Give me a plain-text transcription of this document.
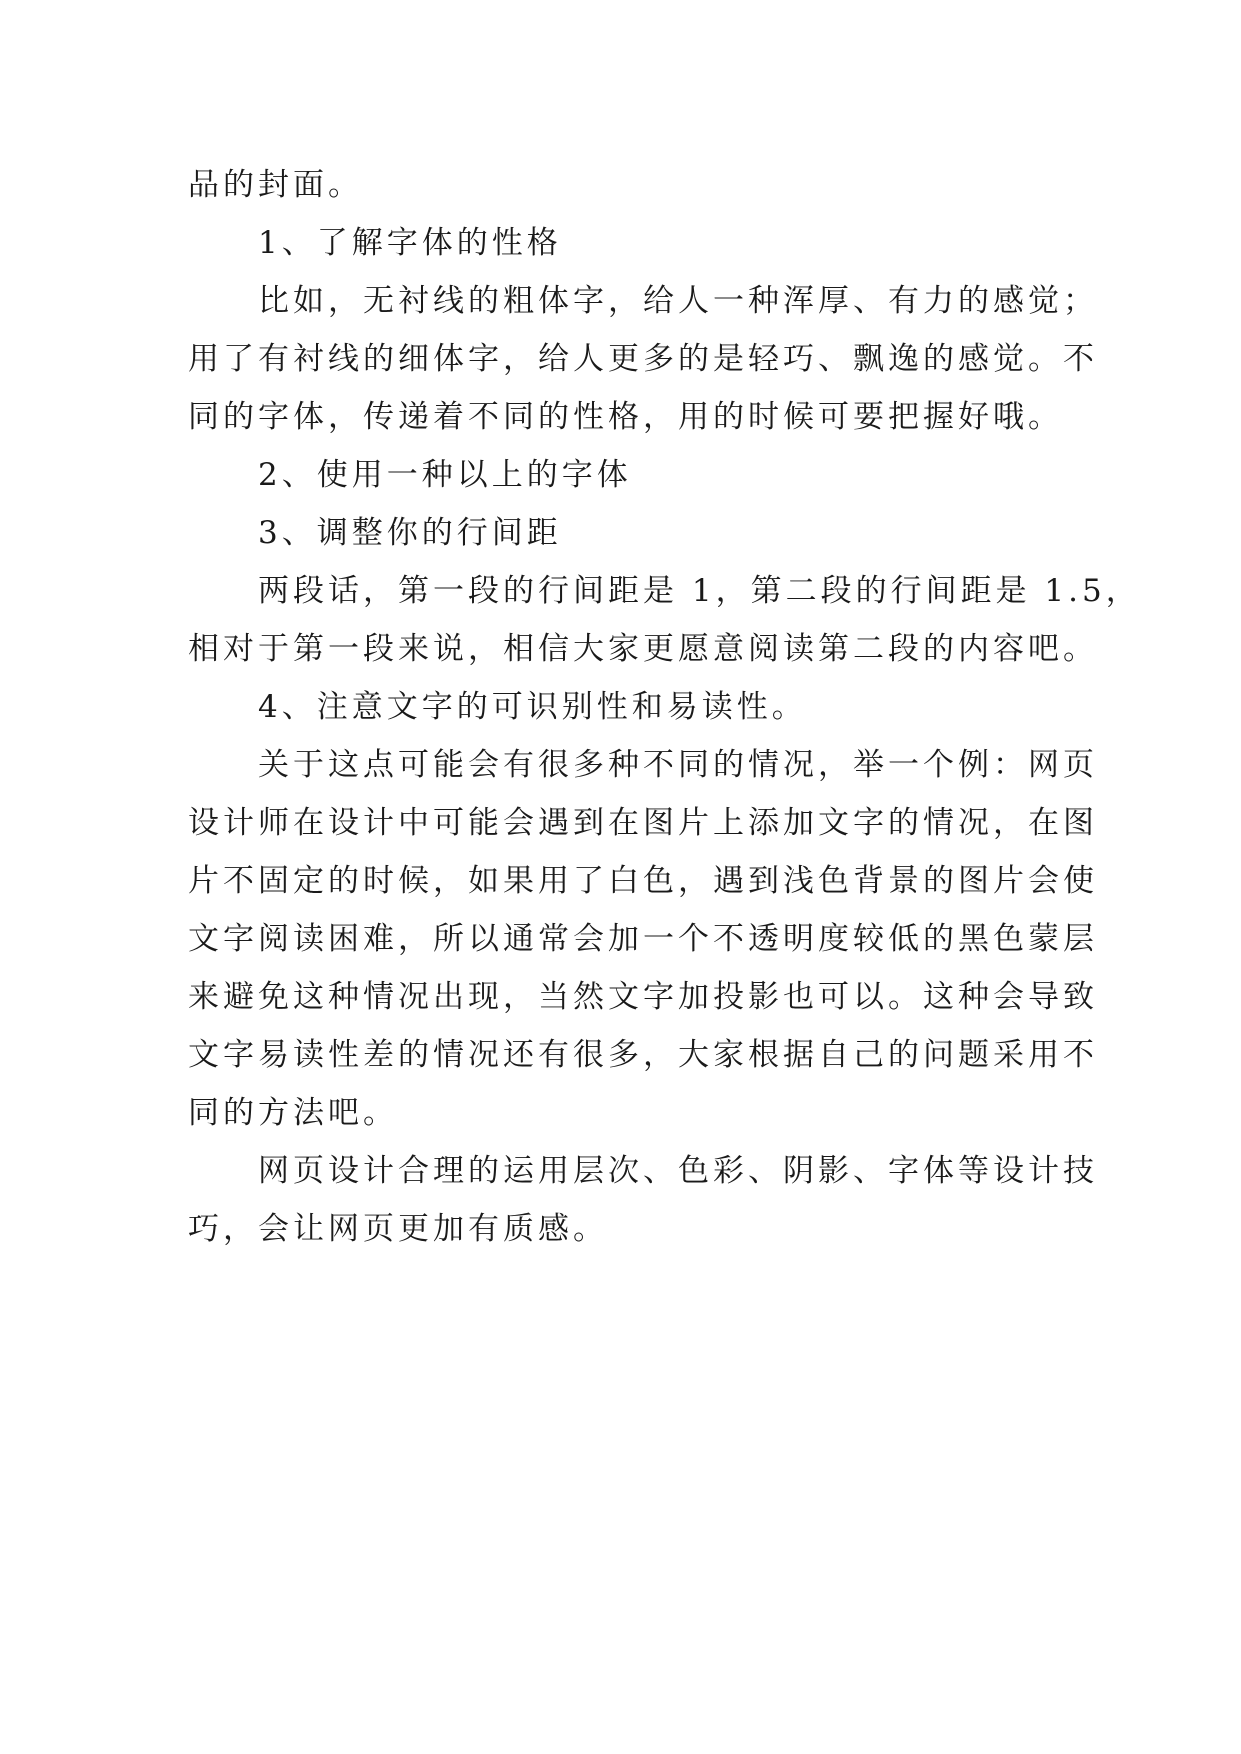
品的封面。
1、了解字体的性格
比如，无衬线的粗体字，给人一种浑厚、有力的感觉；
用了有衬线的细体字，给人更多的是轻巧、飘逸的感觉。不
同的字体，传递着不同的性格，用的时候可要把握好哦。
2、使用一种以上的字体
3、调整你的行间距
两段话，第一段的行间距是 1，第二段的行间距是 1.5，
相对于第一段来说，相信大家更愿意阅读第二段的内容吧。
4、注意文字的可识别性和易读性。
关于这点可能会有很多种不同的情况，举一个例：网页
设计师在设计中可能会遇到在图片上添加文字的情况，在图
片不固定的时候，如果用了白色，遇到浅色背景的图片会使
文字阅读困难，所以通常会加一个不透明度较低的黑色蒙层
来避免这种情况出现，当然文字加投影也可以。这种会导致
文字易读性差的情况还有很多，大家根据自己的问题采用不
同的方法吧。
网页设计合理的运用层次、色彩、阴影、字体等设计技
巧，会让网页更加有质感。
